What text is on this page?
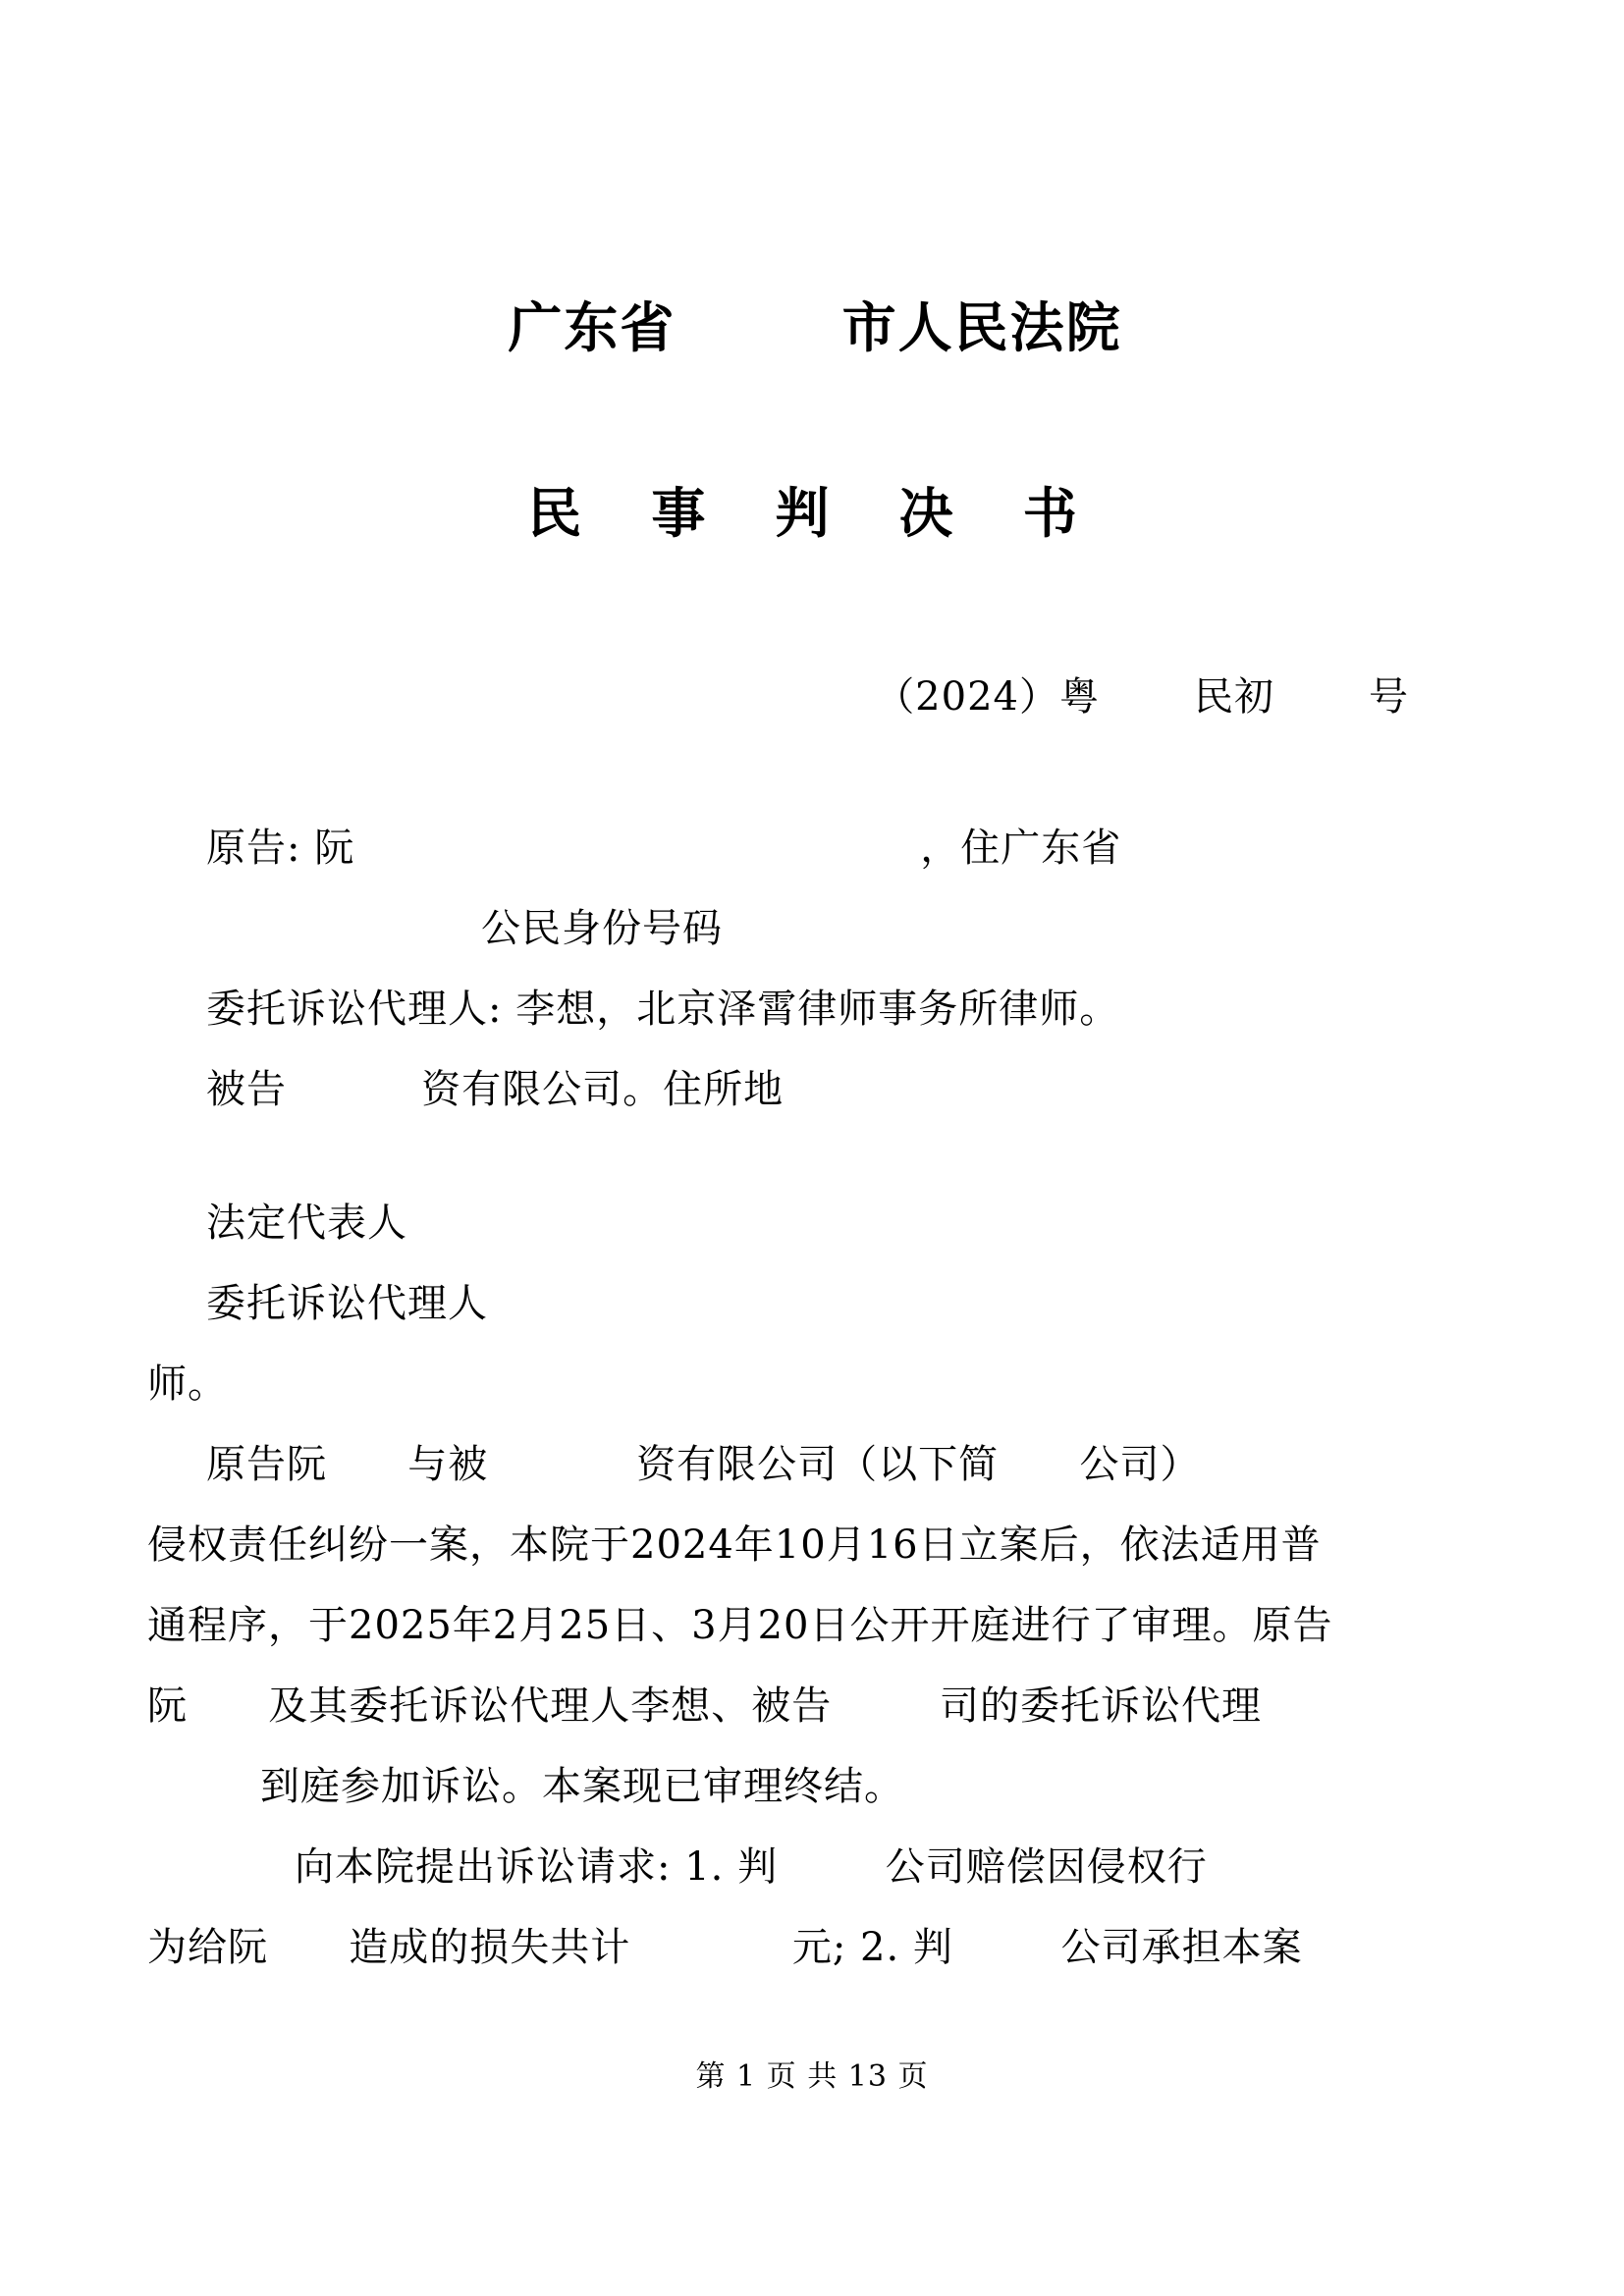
广东省        市人民法院
民 事 判 决 书
（2024）粤       民初       号
原告: 阮                                          ，住广东省
公民身份号码
委托诉讼代理人: 李想，北京泽霄律师事务所律师。
被告          资有限公司。住所地
法定代表人
委托诉讼代理人
师。
原告阮      与被           资有限公司（以下简      公司）
侵权责任纠纷一案，本院于2024年10月16日立案后，依法适用普
通程序，于2025年2月25日、3月20日公开开庭进行了审理。原告
阮      及其委托诉讼代理人李想、被告        司的委托诉讼代理
到庭参加诉讼。本案现已审理终结。
向本院提出诉讼请求: 1. 判        公司赔偿因侵权行
为给阮      造成的损失共计            元; 2. 判        公司承担本案
第 1 页 共 13 页
